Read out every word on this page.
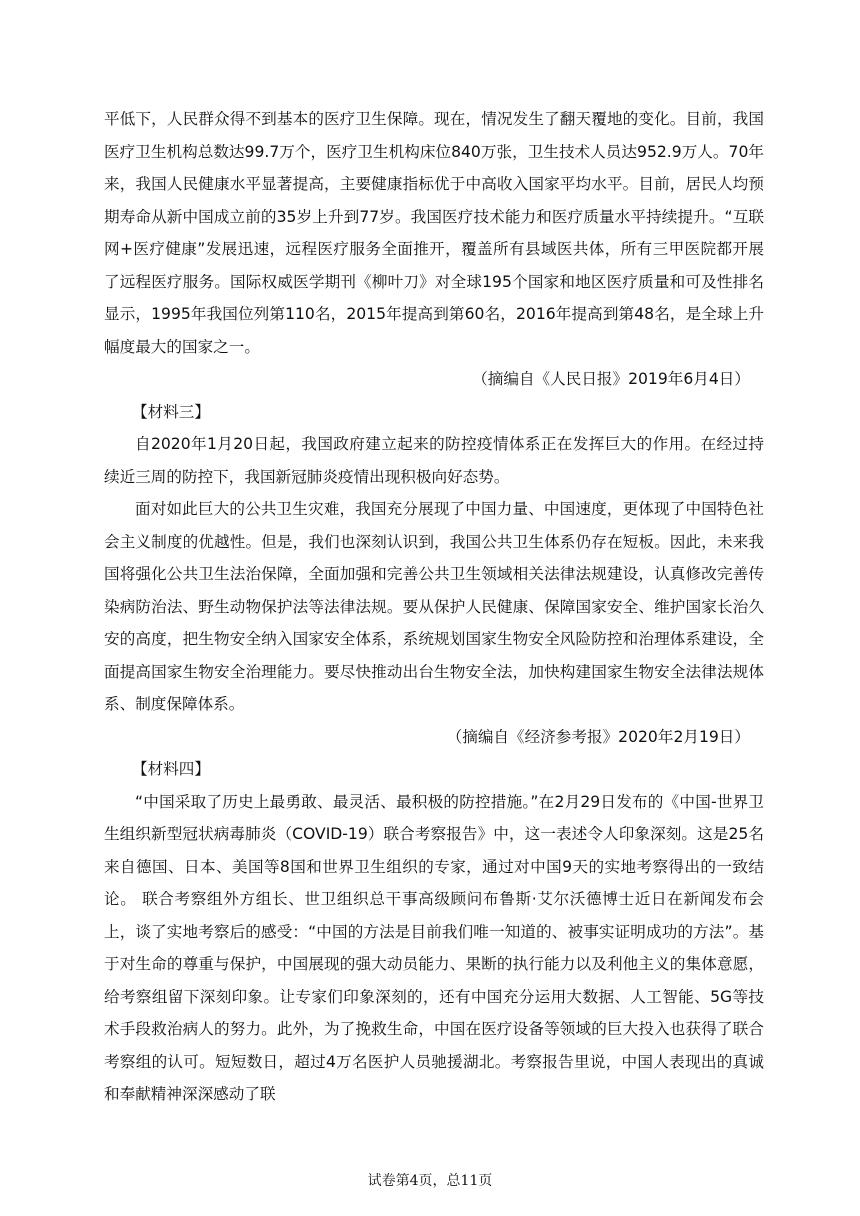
平低下，人民群众得不到基本的医疗卫生保障。现在，情况发生了翻天覆地的变化。目前，我国医疗卫生机构总数达99.7万个，医疗卫生机构床位840万张，卫生技术人员达952.9万人。70年来，我国人民健康水平显著提高，主要健康指标优于中高收入国家平均水平。目前，居民人均预期寿命从新中国成立前的35岁上升到77岁。我国医疗技术能力和医疗质量水平持续提升。“互联网+医疗健康”发展迅速，远程医疗服务全面推开，覆盖所有县域医共体，所有三甲医院都开展了远程医疗服务。国际权威医学期刊《柳叶刀》对全球195个国家和地区医疗质量和可及性排名显示，1995年我国位列第110名，2015年提高到第60名，2016年提高到第48名，是全球上升幅度最大的国家之一。

（摘编自《人民日报》2019年6月4日）

【材料三】

自2020年1月20日起，我国政府建立起来的防控疫情体系正在发挥巨大的作用。在经过持续近三周的防控下，我国新冠肺炎疫情出现积极向好态势。

面对如此巨大的公共卫生灾难，我国充分展现了中国力量、中国速度，更体现了中国特色社会主义制度的优越性。但是，我们也深刻认识到，我国公共卫生体系仍存在短板。因此，未来我国将强化公共卫生法治保障，全面加强和完善公共卫生领域相关法律法规建设，认真修改完善传染病防治法、野生动物保护法等法律法规。要从保护人民健康、保障国家安全、维护国家长治久安的高度，把生物安全纳入国家安全体系，系统规划国家生物安全风险防控和治理体系建设，全面提高国家生物安全治理能力。要尽快推动出台生物安全法，加快构建国家生物安全法律法规体系、制度保障体系。

（摘编自《经济参考报》2020年2月19日）

【材料四】

“中国采取了历史上最勇敢、最灵活、最积极的防控措施。”在2月29日发布的《中国-世界卫生组织新型冠状病毒肺炎（COVID-19）联合考察报告》中，这一表述令人印象深刻。这是25名来自德国、日本、美国等8国和世界卫生组织的专家，通过对中国9天的实地考察得出的一致结论。 联合考察组外方组长、世卫组织总干事高级顾问布鲁斯·艾尔沃德博士近日在新闻发布会上，谈了实地考察后的感受：“中国的方法是目前我们唯一知道的、被事实证明成功的方法”。基于对生命的尊重与保护，中国展现的强大动员能力、果断的执行能力以及利他主义的集体意愿，给考察组留下深刻印象。让专家们印象深刻的，还有中国充分运用大数据、人工智能、5G等技术手段救治病人的努力。此外，为了挽救生命，中国在医疗设备等领域的巨大投入也获得了联合考察组的认可。短短数日，超过4万名医护人员驰援湖北。考察报告里说，中国人表现出的真诚和奉献精神深深感动了联

试卷第4页，总11页
